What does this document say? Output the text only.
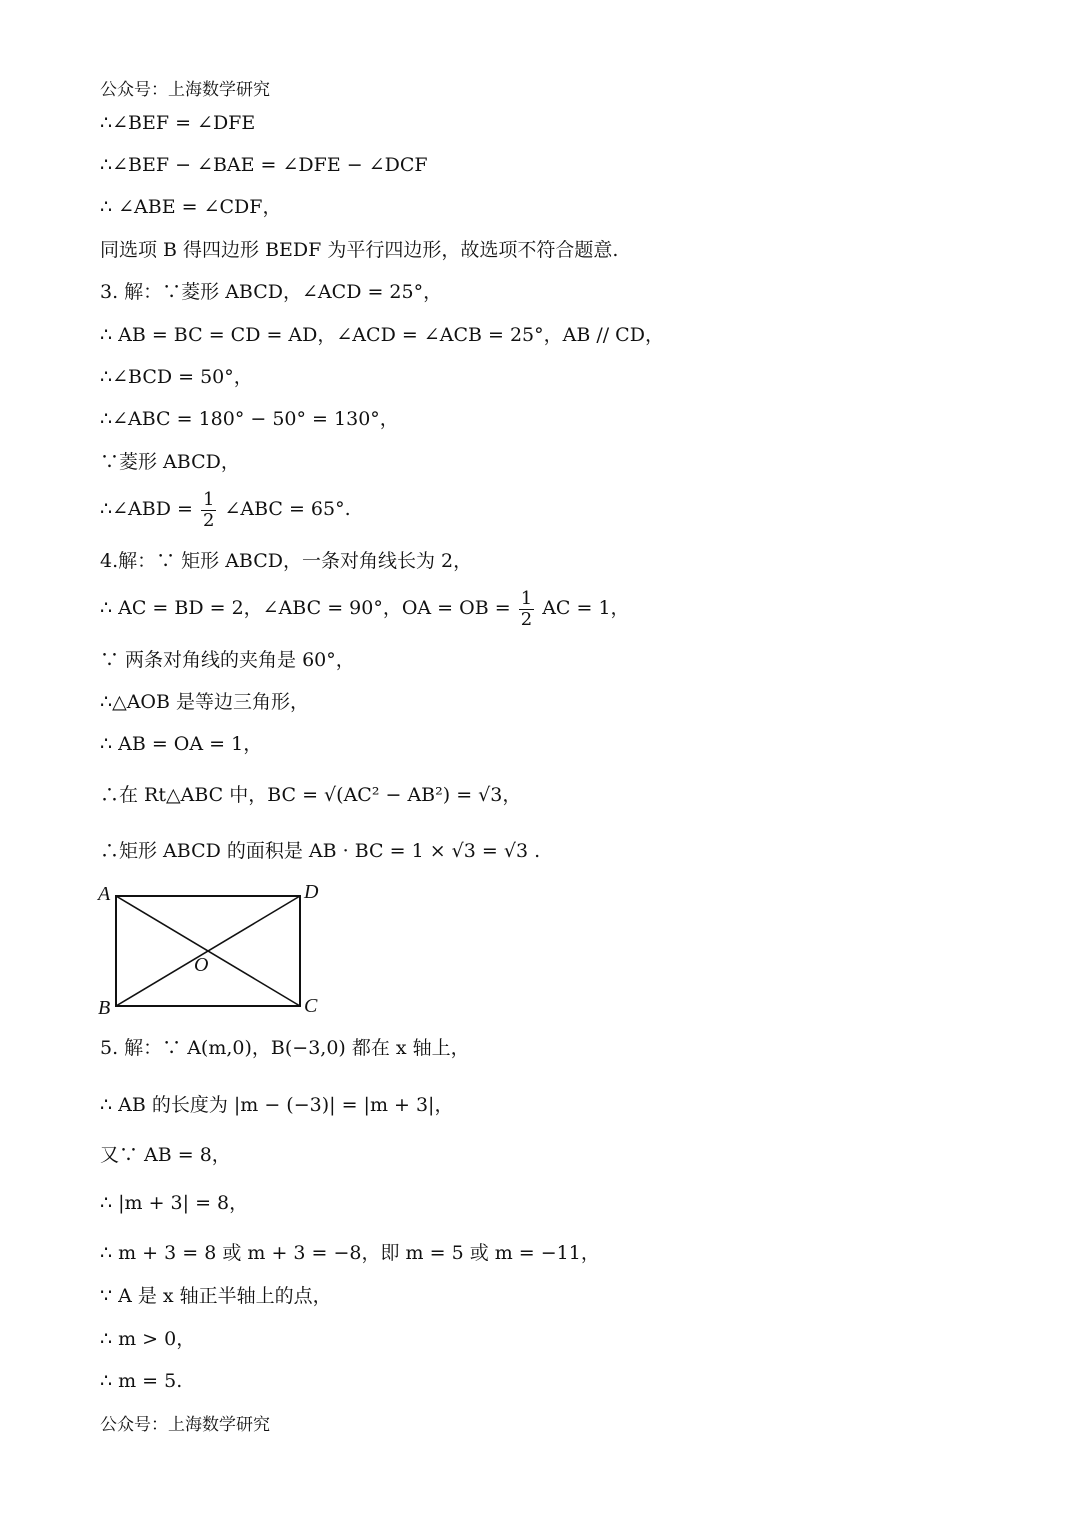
公众号：上海数学研究
∴∠BEF = ∠DFE
∴∠BEF − ∠BAE = ∠DFE − ∠DCF
∴ ∠ABE = ∠CDF，
同选项 B 得四边形 BEDF 为平行四边形，故选项不符合题意.
3. 解：∵菱形 ABCD，∠ACD = 25°，
∴ AB = BC = CD = AD，∠ACD = ∠ACB = 25°，AB // CD，
∴∠BCD = 50°，
∴∠ABC = 180° − 50° = 130°，
∵菱形 ABCD，
∴∠ABD = $\frac{1}{2}$ ∠ABC = 65°.
4.解：∵ 矩形 ABCD，一条对角线长为 2，
∴ AC = BD = 2，∠ABC = 90°，OA = OB = $\frac{1}{2}$ AC = 1，
∵ 两条对角线的夹角是 60°，
∴△AOB 是等边三角形，
∴ AB = OA = 1，
∴在 Rt△ABC 中，BC = √(AC² − AB²) = √3，
∴矩形 ABCD 的面积是 AB · BC = 1 × √3 = √3 .
A	D
O
B	C
5. 解：∵ A(m,0)，B(−3,0) 都在 x 轴上，
∴ AB 的长度为 |m − (−3)| = |m + 3|，
又∵ AB = 8，
∴ |m + 3| = 8，
∴ m + 3 = 8 或 m + 3 = −8，即 m = 5 或 m = −11，
∵ A 是 x 轴正半轴上的点，
∴ m > 0，
∴ m = 5.
公众号：上海数学研究
